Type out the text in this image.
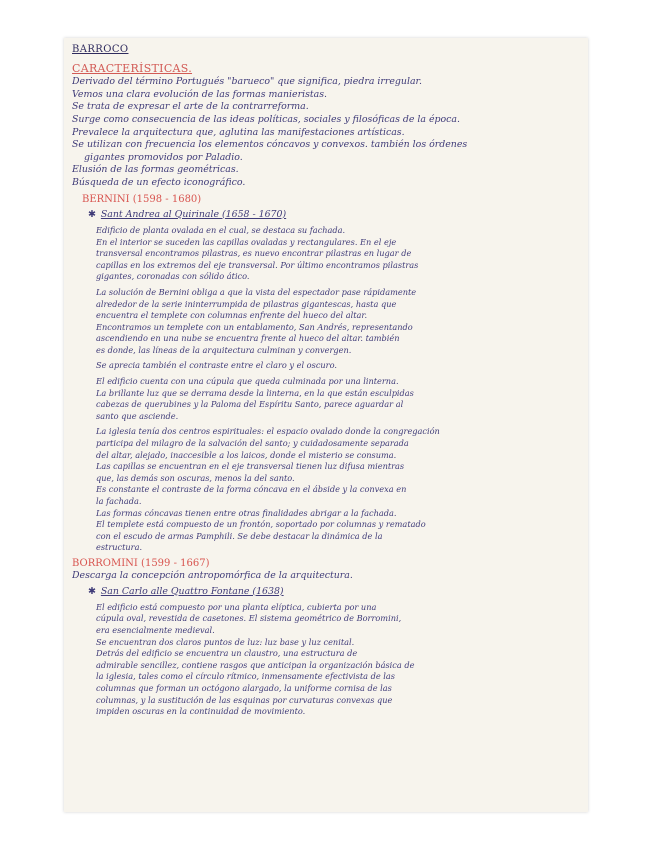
BARROCO

CARACTERÍSTICAS.

Derivado del término Portugués "barueco" que significa, piedra irregular.

Vemos una clara evolución de las formas manieristas.

Se trata de expresar el arte de la contrarreforma.

Surge como consecuencia de las ideas políticas, sociales y filosóficas de la época.

Prevalece la arquitectura que, aglutina las manifestaciones artísticas.

Se utilizan con frecuencia los elementos cóncavos y convexos. también los órdenes

gigantes promovidos por Paladio.

Elusión de las formas geométricas.

Búsqueda de un efecto iconográfico.

BERNINI (1598 - 1680)

✱ Sant Andrea al Quirinale (1658 - 1670)

Edificio de planta ovalada en el cual, se destaca su fachada.

En el interior se suceden las capillas ovaladas y rectangulares. En el eje

transversal encontramos pilastras, es nuevo encontrar pilastras en lugar de

capillas en los extremos del eje transversal. Por último encontramos pilastras

gigantes, coronadas con sólido ático.

La solución de Bernini obliga a que la vista del espectador pase rápidamente

alrededor de la serie ininterrumpida de pilastras gigantescas, hasta que

encuentra el templete con columnas enfrente del hueco del altar.

Encontramos un templete con un entablamento, San Andrés, representando

ascendiendo en una nube se encuentra frente al hueco del altar. también

es donde, las líneas de la arquitectura culminan y convergen.

Se aprecia también el contraste entre el claro y el oscuro.

El edificio cuenta con una cúpula que queda culminada por una linterna.

La brillante luz que se derrama desde la linterna, en la que están esculpidas

cabezas de querubines y la Paloma del Espíritu Santo, parece aguardar al

santo que asciende.

La iglesia tenía dos centros espirituales: el espacio ovalado donde la congregación

participa del milagro de la salvación del santo; y cuidadosamente separada

del altar, alejado, inaccesible a los laicos, donde el misterio se consuma.

Las capillas se encuentran en el eje transversal tienen luz difusa mientras

que, las demás son oscuras, menos la del santo.

Es constante el contraste de la forma cóncava en el ábside y la convexa en

la fachada.

Las formas cóncavas tienen entre otras finalidades abrigar a la fachada.

El templete está compuesto de un frontón, soportado por columnas y rematado

con el escudo de armas Pamphili. Se debe destacar la dinámica de la

estructura.

BORROMINI (1599 - 1667)

Descarga la concepción antropomórfica de la arquitectura.

✱ San Carlo alle Quattro Fontane (1638)

El edificio está compuesto por una planta elíptica, cubierta por una

cúpula oval, revestida de casetones. El sistema geométrico de Borromini,

era esencialmente medieval.

Se encuentran dos claros puntos de luz: luz base y luz cenital.

Detrás del edificio se encuentra un claustro, una estructura de

admirable sencillez, contiene rasgos que anticipan la organización básica de

la iglesia, tales como el círculo rítmico, inmensamente efectivista de las

columnas que forman un octógono alargado, la uniforme cornisa de las

columnas, y la sustitución de las esquinas por curvaturas convexas que

impiden oscuras en la continuidad de movimiento.
